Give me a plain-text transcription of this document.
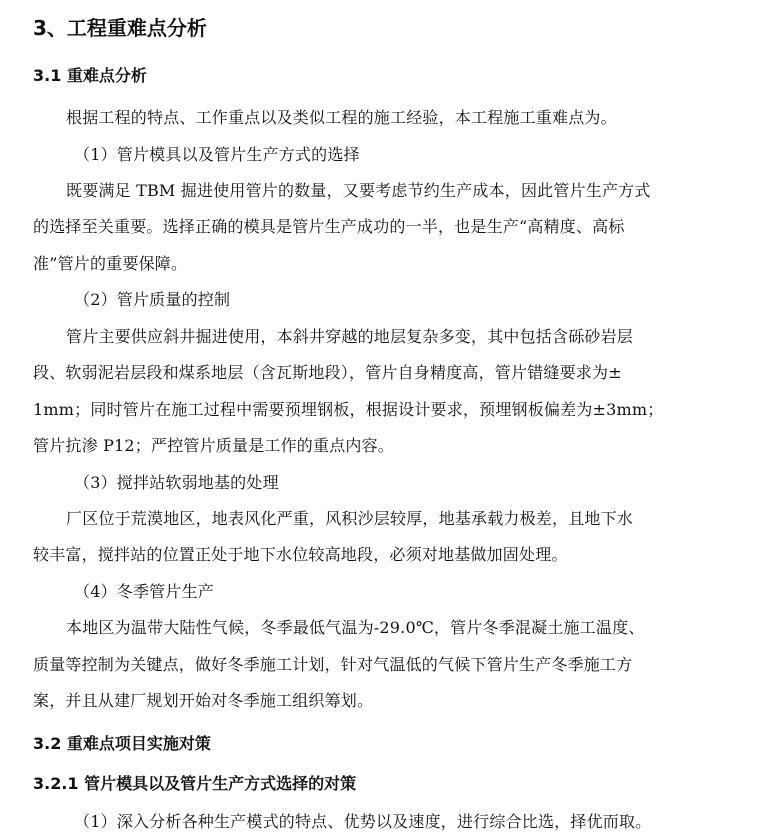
3、工程重难点分析
3.1 重难点分析
根据工程的特点、工作重点以及类似工程的施工经验，本工程施工重难点为。
（1）管片模具以及管片生产方式的选择
既要满足 TBM 掘进使用管片的数量，又要考虑节约生产成本，因此管片生产方式
的选择至关重要。选择正确的模具是管片生产成功的一半，也是生产“高精度、高标
准”管片的重要保障。
（2）管片质量的控制
管片主要供应斜井掘进使用，本斜井穿越的地层复杂多变，其中包括含砾砂岩层
段、软弱泥岩层段和煤系地层（含瓦斯地段），管片自身精度高，管片错缝要求为±
1mm；同时管片在施工过程中需要预埋钢板，根据设计要求，预埋钢板偏差为±3mm；
管片抗渗 P12；严控管片质量是工作的重点内容。
（3）搅拌站软弱地基的处理
厂区位于荒漠地区，地表风化严重，风积沙层较厚，地基承载力极差，且地下水
较丰富，搅拌站的位置正处于地下水位较高地段，必须对地基做加固处理。
（4）冬季管片生产
本地区为温带大陆性气候，冬季最低气温为-29.0℃，管片冬季混凝土施工温度、
质量等控制为关键点，做好冬季施工计划，针对气温低的气候下管片生产冬季施工方
案，并且从建厂规划开始对冬季施工组织筹划。
3.2 重难点项目实施对策
3.2.1 管片模具以及管片生产方式选择的对策
（1）深入分析各种生产模式的特点、优势以及速度，进行综合比选，择优而取。
